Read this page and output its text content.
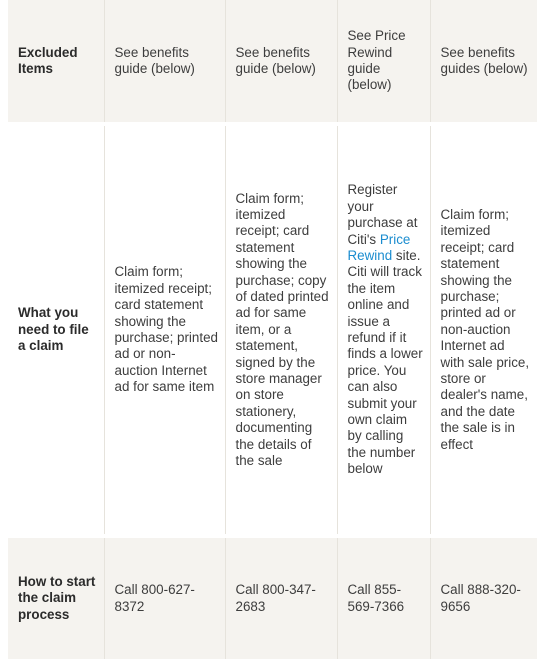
Excluded Items	See benefits guide (below)	See benefits guide (below)	See Price Rewind guide (below)	See benefits guides (below)
What you need to file a claim	Claim form; itemized receipt; card statement showing the purchase; printed ad or non-auction Internet ad for same item	Claim form; itemized receipt; card statement showing the purchase; copy of dated printed ad for same item, or a statement, signed by the store manager on store stationery, documenting the details of the sale	Register your purchase at Citi's Price Rewind site. Citi will track the item online and issue a refund if it finds a lower price. You can also submit your own claim by calling the number below	Claim form; itemized receipt; card statement showing the purchase; printed ad or non-auction Internet ad with sale price, store or dealer's name, and the date the sale is in effect
How to start the claim process	Call 800-627-8372	Call 800-347-2683	Call 855-569-7366	Call 888-320-9656
